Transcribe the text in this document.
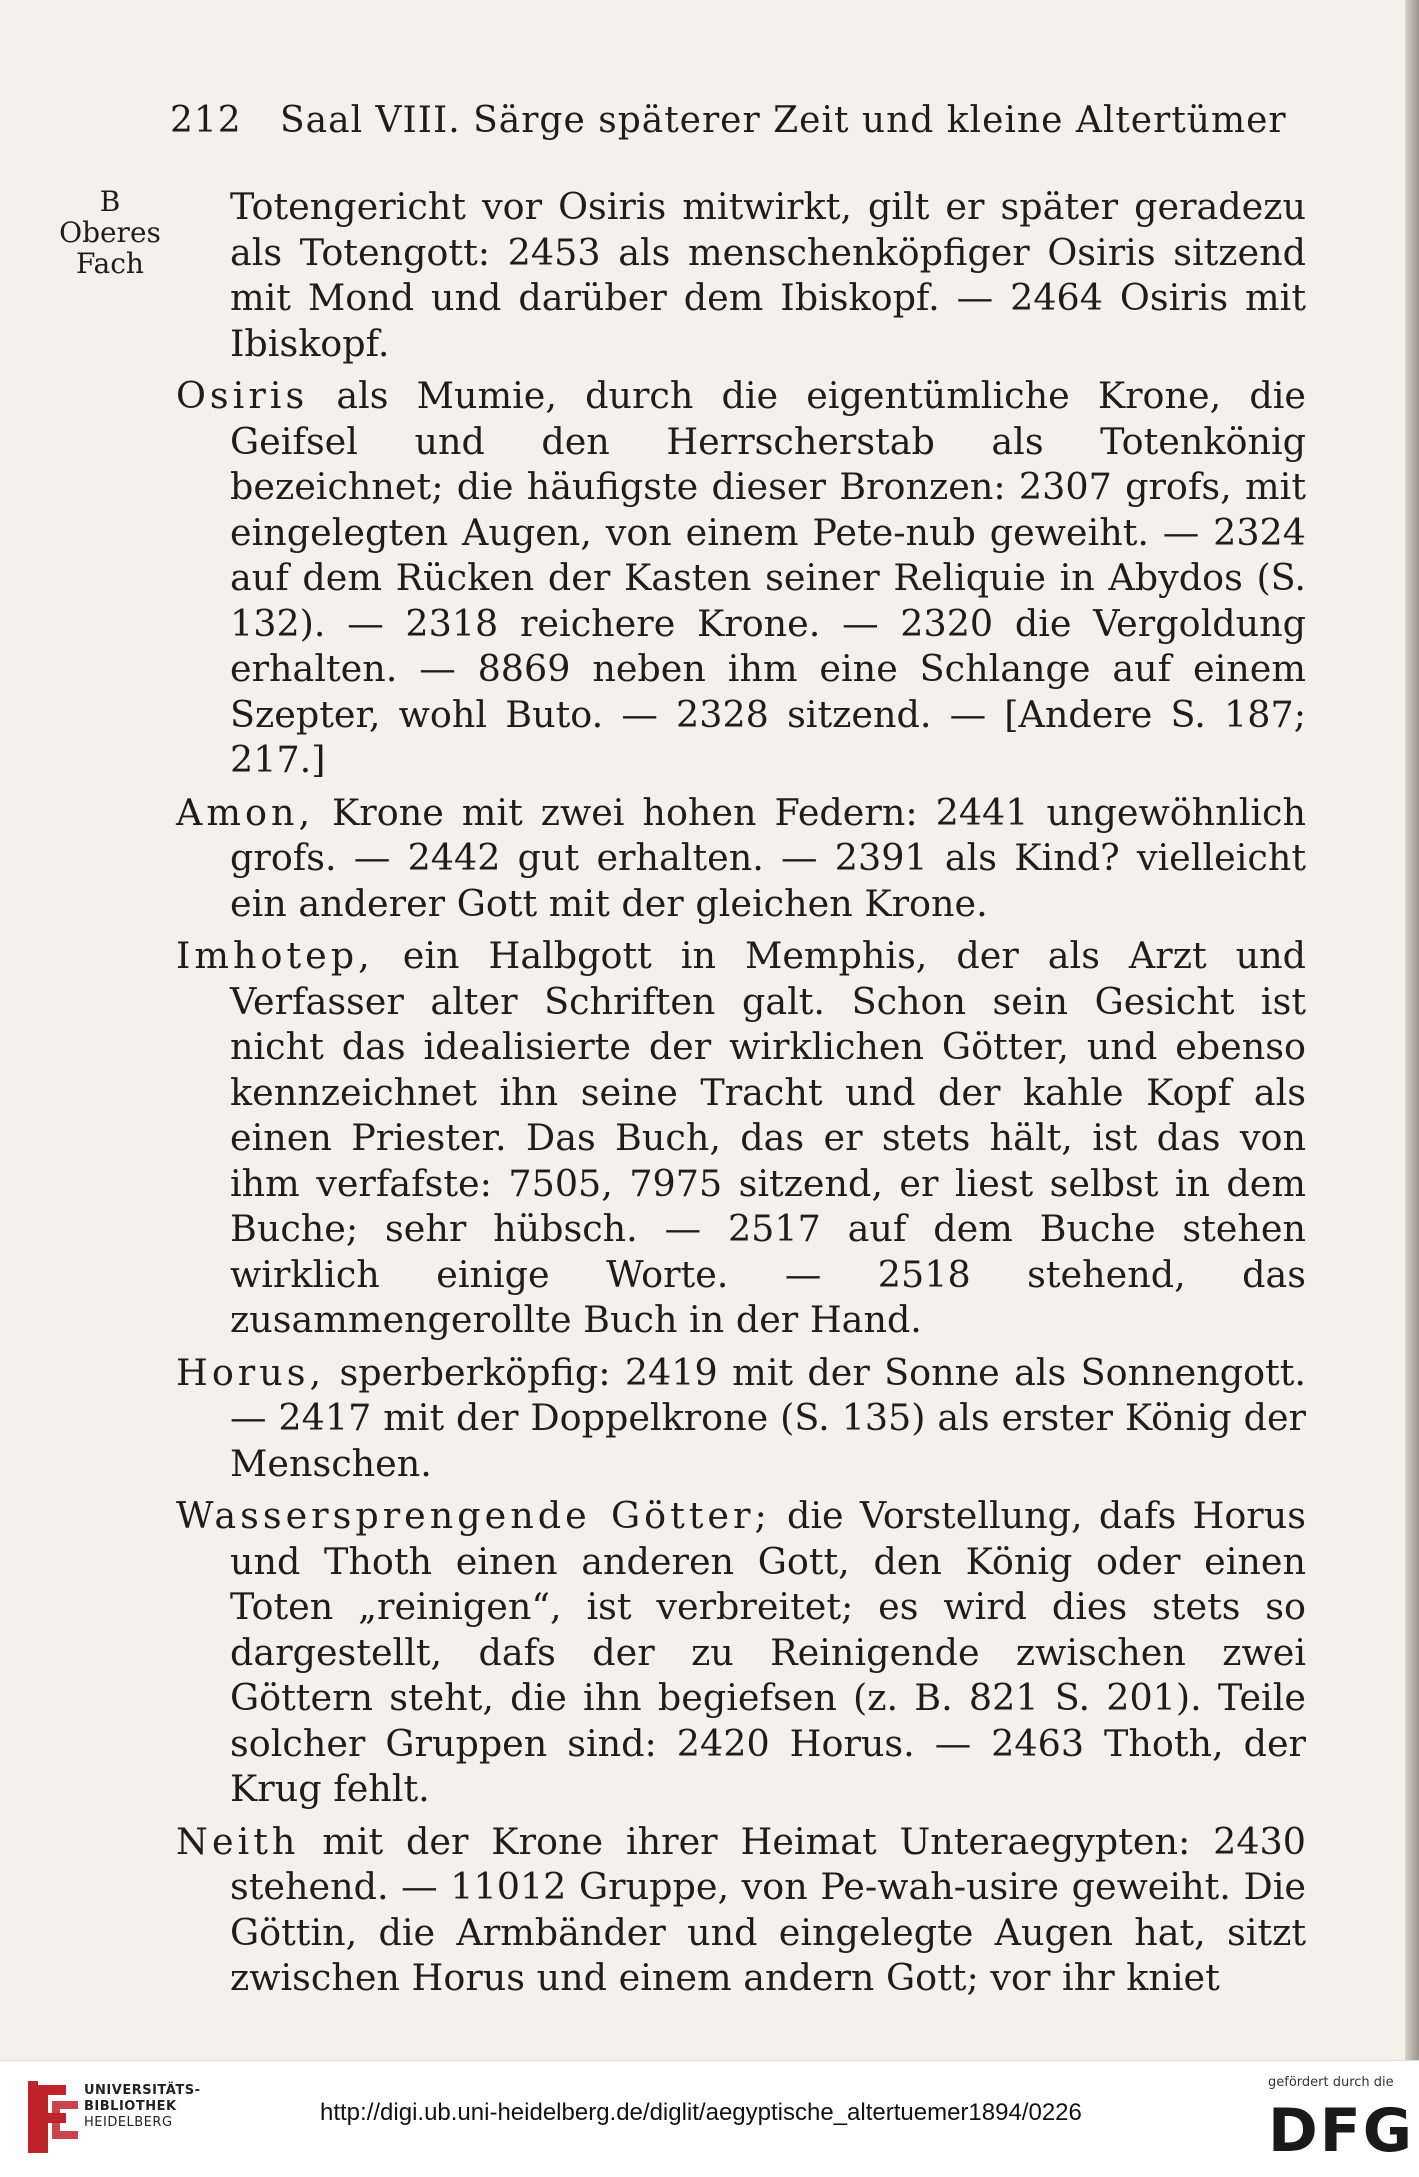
212 Saal VIII. Särge späterer Zeit und kleine Altertümer
B
Oberes
Fach

Totengericht vor Osiris mitwirkt, gilt er später geradezu als Totengott: 2453 als menschenköpfiger Osiris sitzend mit Mond und darüber dem Ibiskopf. — 2464 Osiris mit Ibiskopf.

Osiris als Mumie, durch die eigentümliche Krone, die Geifsel und den Herrscherstab als Totenkönig bezeichnet; die häufigste dieser Bronzen: 2307 grofs, mit eingelegten Augen, von einem Pete-nub geweiht. — 2324 auf dem Rücken der Kasten seiner Reliquie in Abydos (S. 132). — 2318 reichere Krone. — 2320 die Vergoldung erhalten. — 8869 neben ihm eine Schlange auf einem Szepter, wohl Buto. — 2328 sitzend. — [Andere S. 187; 217.]

Amon, Krone mit zwei hohen Federn: 2441 ungewöhnlich grofs. — 2442 gut erhalten. — 2391 als Kind? vielleicht ein anderer Gott mit der gleichen Krone.

Imhotep, ein Halbgott in Memphis, der als Arzt und Verfasser alter Schriften galt. Schon sein Gesicht ist nicht das idealisierte der wirklichen Götter, und ebenso kennzeichnet ihn seine Tracht und der kahle Kopf als einen Priester. Das Buch, das er stets hält, ist das von ihm verfafste: 7505, 7975 sitzend, er liest selbst in dem Buche; sehr hübsch. — 2517 auf dem Buche stehen wirklich einige Worte. — 2518 stehend, das zusammengerollte Buch in der Hand.

Horus, sperberköpfig: 2419 mit der Sonne als Sonnengott. — 2417 mit der Doppelkrone (S. 135) als erster König der Menschen.

Wassersprengende Götter; die Vorstellung, dafs Horus und Thoth einen anderen Gott, den König oder einen Toten „reinigen“, ist verbreitet; es wird dies stets so dargestellt, dafs der zu Reinigende zwischen zwei Göttern steht, die ihn begiefsen (z. B. 821 S. 201). Teile solcher Gruppen sind: 2420 Horus. — 2463 Thoth, der Krug fehlt.

Neith mit der Krone ihrer Heimat Unteraegypten: 2430 stehend. — 11012 Gruppe, von Pe-wah-usire geweiht. Die Göttin, die Armbänder und eingelegte Augen hat, sitzt zwischen Horus und einem andern Gott; vor ihr kniet

UNIVERSITÄTS-
BIBLIOTHEK
HEIDELBERG	http://digi.ub.uni-heidelberg.de/diglit/aegyptische_altertuemer1894/0226
gefördert durch die
DFG
